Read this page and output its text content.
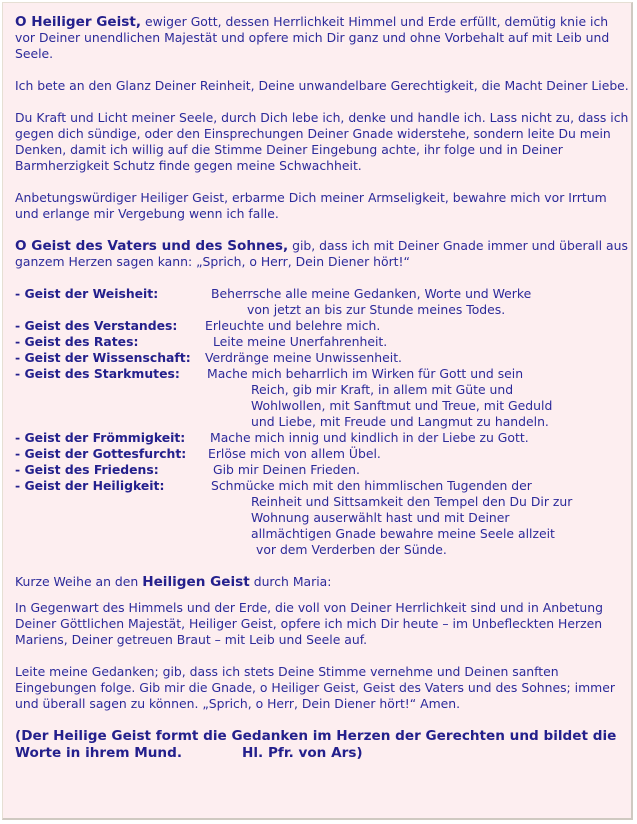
O Heiliger Geist, ewiger Gott, dessen Herrlichkeit Himmel und Erde erfüllt, demütig knie ich vor Deiner unendlichen Majestät und opfere mich Dir ganz und ohne Vorbehalt auf mit Leib und Seele.

Ich bete an den Glanz Deiner Reinheit, Deine unwandelbare Gerechtigkeit, die Macht Deiner Liebe.

Du Kraft und Licht meiner Seele, durch Dich lebe ich, denke und handle ich. Lass nicht zu, dass ich gegen dich sündige, oder den Einsprechungen Deiner Gnade widerstehe, sondern leite Du mein Denken, damit ich willig auf die Stimme Deiner Eingebung achte, ihr folge und in Deiner Barmherzigkeit Schutz finde gegen meine Schwachheit.

Anbetungswürdiger Heiliger Geist, erbarme Dich meiner Armseligkeit, bewahre mich vor Irrtum und erlange mir Vergebung wenn ich falle.

O Geist des Vaters und des Sohnes, gib, dass ich mit Deiner Gnade immer und überall aus ganzem Herzen sagen kann: „Sprich, o Herr, Dein Diener hört!“

- Geist der Weisheit:	Beherrsche alle meine Gedanken, Worte und Werke
von jetzt an bis zur Stunde meines Todes.
- Geist des Verstandes: Erleuchte und belehre mich.
- Geist des Rates:	Leite meine Unerfahrenheit.
- Geist der Wissenschaft: Verdränge meine Unwissenheit.
- Geist des Starkmutes: Mache mich beharrlich im Wirken für Gott und sein
Reich, gib mir Kraft, in allem mit Güte und
Wohlwollen, mit Sanftmut und Treue, mit Geduld
und Liebe, mit Freude und Langmut zu handeln.
- Geist der Frömmigkeit: Mache mich innig und kindlich in der Liebe zu Gott.
- Geist der Gottesfurcht: Erlöse mich von allem Übel.
- Geist des Friedens:	Gib mir Deinen Frieden.
- Geist der Heiligkeit:	Schmücke mich mit den himmlischen Tugenden der
Reinheit und Sittsamkeit den Tempel den Du Dir zur
Wohnung auserwählt hast und mit Deiner
allmächtigen Gnade bewahre meine Seele allzeit
vor dem Verderben der Sünde.

Kurze Weihe an den Heiligen Geist durch Maria:

In Gegenwart des Himmels und der Erde, die voll von Deiner Herrlichkeit sind und in Anbetung Deiner Göttlichen Majestät, Heiliger Geist, opfere ich mich Dir heute – im Unbefleckten Herzen Mariens, Deiner getreuen Braut – mit Leib und Seele auf.

Leite meine Gedanken; gib, dass ich stets Deine Stimme vernehme und Deinen sanften Eingebungen folge. Gib mir die Gnade, o Heiliger Geist, Geist des Vaters und des Sohnes; immer und überall sagen zu können. „Sprich, o Herr, Dein Diener hört!“ Amen.

(Der Heilige Geist formt die Gedanken im Herzen der Gerechten und bildet die Worte in ihrem Mund.	Hl. Pfr. von Ars)
